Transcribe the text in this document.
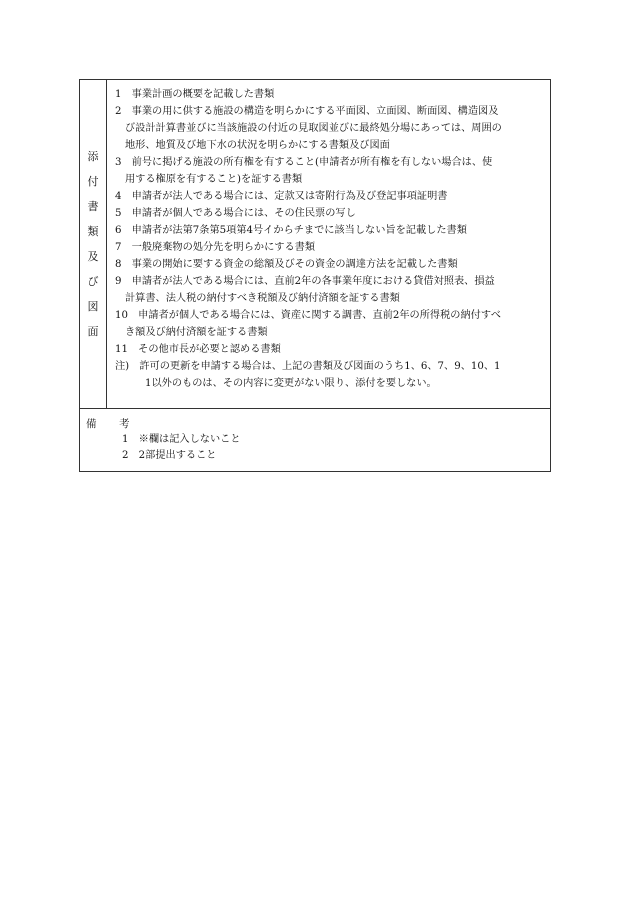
添
付
書
類
及
び
図
面
1　事業計画の概要を記載した書類
2　事業の用に供する施設の構造を明らかにする平面図、立面図、断面図、構造図及
び設計計算書並びに当該施設の付近の見取図並びに最終処分場にあっては、周囲の
地形、地質及び地下水の状況を明らかにする書類及び図面
3　前号に掲げる施設の所有権を有すること(申請者が所有権を有しない場合は、使
用する権原を有すること)を証する書類
4　申請者が法人である場合には、定款又は寄附行為及び登記事項証明書
5　申請者が個人である場合には、その住民票の写し
6　申請者が法第7条第5項第4号イからチまでに該当しない旨を記載した書類
7　一般廃棄物の処分先を明らかにする書類
8　事業の開始に要する資金の総額及びその資金の調達方法を記載した書類
9　申請者が法人である場合には、直前2年の各事業年度における貸借対照表、損益
計算書、法人税の納付すべき税額及び納付済額を証する書類
10　申請者が個人である場合には、資産に関する調書、直前2年の所得税の納付すべ
き額及び納付済額を証する書類
11　その他市長が必要と認める書類
注)　許可の更新を申請する場合は、上記の書類及び図面のうち1、6、7、9、10、1
1以外のものは、その内容に変更がない限り、添付を要しない。
備　考
1　※欄は記入しないこと
2　2部提出すること
